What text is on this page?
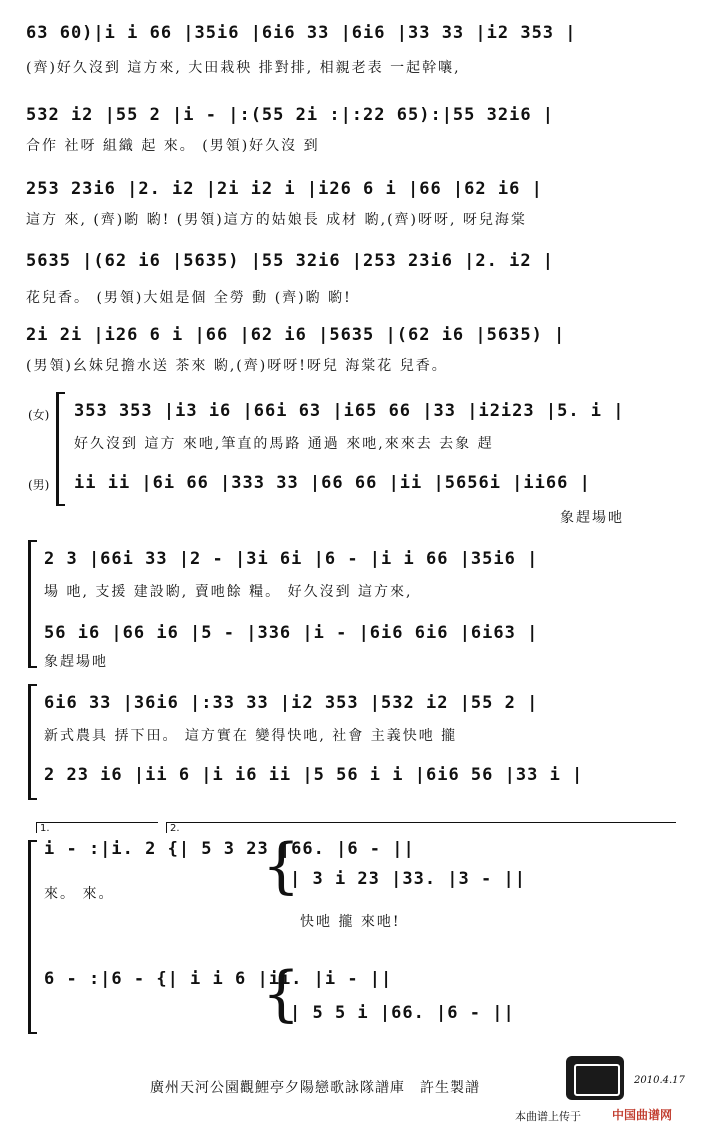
63 60)|i i 66 |35i6 |6i6 33 |6i6 |33 33 |i2 353 |
(齊)好久沒到 這方來, 大田栽秧 排對排, 相親老表 一起幹嚷,
532 i2 |55 2 |i - |:(55 2i :|:22 65):|55 32i6 |
合作 社呀 組織 起 來。 (男領)好久沒 到
253 23i6 |2. i2 |2i i2 i |i26 6 i |66 |62 i6 |
這方 來, (齊)喲 喲! (男領)這方的姑娘長 成材 喲,(齊)呀呀, 呀兒海棠
5635 |(62 i6 |5635) |55 32i6 |253 23i6 |2. i2 |
花兒香。 (男領)大姐是個 全勞 動 (齊)喲 喲!
2i 2i |i26 6 i |66 |62 i6 |5635 |(62 i6 |5635) |
(男領)幺妹兒擔水送 茶來 喲,(齊)呀呀!呀兒 海棠花 兒香。
(女) 353 353 |i3 i6 |66i 63 |i65 66 |33 |i2i23 |5. i |
好久沒到 這方 來吔,筆直的馬路 通過 來吔,來來去 去象 趕
(男) ii ii |6i 66 |333 33 |66 66 |ii |5656i |ii66 |
象趕場吔
2 3 |66i 33 |2 - |3i 6i |6 - |i i 66 |35i6 |
場 吔, 支援 建設喲, 賣吔餘 糧。 好久沒到 這方來,
56 i6 |66 i6 |5 - |336 |i - |6i6 6i6 |6i63 |
象趕場吔
6i6 33 |36i6 |:33 33 |i2 353 |532 i2 |55 2 |
新式農具 挵下田。 這方實在 變得快吔, 社會 主義快吔 攏
2 23 i6 |ii 6 |i i6 ii |5 56 i i |6i6 56 |33 i |
1.	2.
{
i - :|i. 2 {| 5 3 23 |66. |6 - ||
來。 來。
| 3 i 23 |33. |3 - ||
快吔 攏 來吔!
{
6 - :|6 - {| i i 6 |ii. |i - ||
| 5 5 i |66. |6 - ||
廣州天河公園觀鯉亭夕陽戀歌詠隊譜庫　許生製譜	2010.4.17
本曲谱上传于	中国曲谱网
